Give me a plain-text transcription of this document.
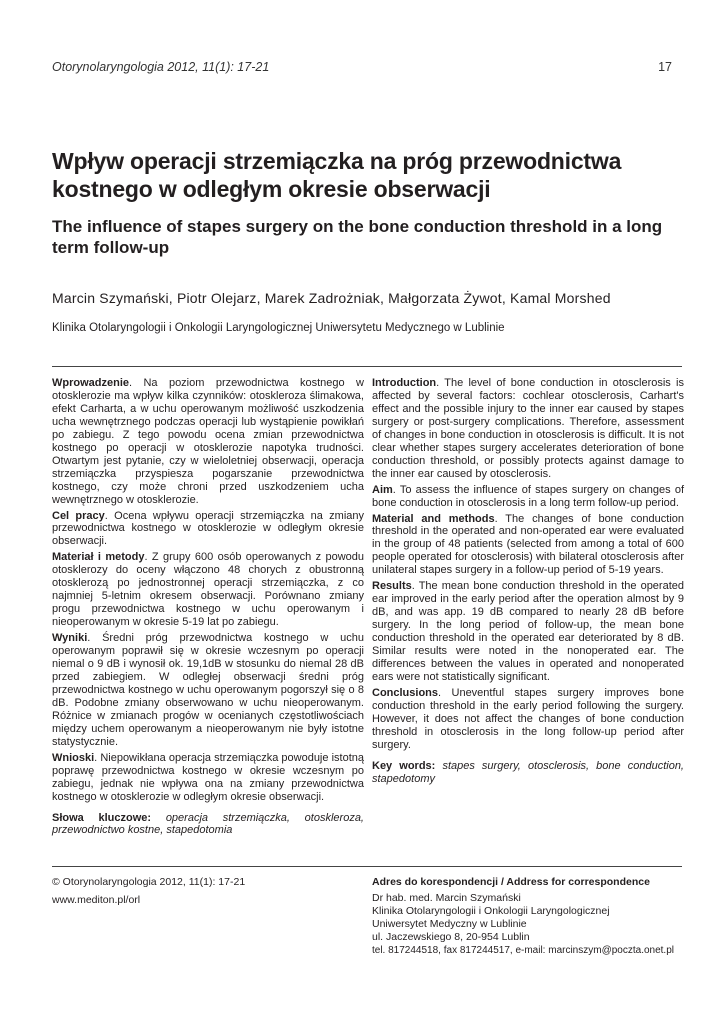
Otorynolaryngologia 2012, 11(1): 17-21	17
Wpływ operacji strzemiączka na próg przewodnictwa kostnego w odległym okresie obserwacji
The influence of stapes surgery on the bone conduction threshold in a long term follow-up
Marcin Szymański, Piotr Olejarz, Marek Zadrożniak, Małgorzata Żywot, Kamal Morshed
Klinika Otolaryngologii i Onkologii Laryngologicznej Uniwersytetu Medycznego w Lublinie

Wprowadzenie. Na poziom przewodnictwa kostnego w otosklerozie ma wpływ kilka czynników: otoskleroza ślimakowa, efekt Carharta, a w uchu operowanym możliwość uszkodzenia ucha wewnętrznego podczas operacji lub wystąpienie powikłań po zabiegu. Z tego powodu ocena zmian przewodnictwa kostnego po operacji w otosklerozie napotyka trudności. Otwartym jest pytanie, czy w wieloletniej obserwacji, operacja strzemiączka przyspiesza pogarszanie przewodnictwa kostnego, czy może chroni przed uszkodzeniem ucha wewnętrznego w otosklerozie.

Cel pracy. Ocena wpływu operacji strzemiączka na zmiany przewodnictwa kostnego w otosklerozie w odległym okresie obserwacji.

Materiał i metody. Z grupy 600 osób operowanych z powodu otosklerozy do oceny włączono 48 chorych z obustronną otosklerozą po jednostronnej operacji strzemiączka, z co najmniej 5-letnim okresem obserwacji. Porównano zmiany progu przewodnictwa kostnego w uchu operowanym i nieoperowanym w okresie 5-19 lat po zabiegu.

Wyniki. Średni próg przewodnictwa kostnego w uchu operowanym poprawił się w okresie wczesnym po operacji niemal o 9 dB i wynosił ok. 19,1dB w stosunku do niemal 28 dB przed zabiegiem. W odległej obserwacji średni próg przewodnictwa kostnego w uchu operowanym pogorszył się o 8 dB. Podobne zmiany obserwowano w uchu nieoperowanym. Różnice w zmianach progów w ocenianych częstotliwościach między uchem operowanym a nieoperowanym nie były istotne statystycznie.

Wnioski. Niepowikłana operacja strzemiączka powoduje istotną poprawę przewodnictwa kostnego w okresie wczesnym po zabiegu, jednak nie wpływa ona na zmiany przewodnictwa kostnego w otosklerozie w odległym okresie obserwacji.

Słowa kluczowe: operacja strzemiączka, otoskleroza, przewodnictwo kostne, stapedotomia

Introduction. The level of bone conduction in otosclerosis is affected by several factors: cochlear otosclerosis, Carhart's effect and the possible injury to the inner ear caused by stapes surgery or post-surgery complications. Therefore, assessment of changes in bone conduction in otosclerosis is difficult. It is not clear whether stapes surgery accelerates deterioration of bone conduction threshold, or possibly protects against damage to the inner ear caused by otosclerosis.

Aim. To assess the influence of stapes surgery on changes of bone conduction in otosclerosis in a long term follow-up period.

Material and methods. The changes of bone conduction threshold in the operated and non-operated ear were evaluated in the group of 48 patients (selected from among a total of 600 people operated for otosclerosis) with bilateral otosclerosis after unilateral stapes surgery in a follow-up period of 5-19 years.

Results. The mean bone conduction threshold in the operated ear improved in the early period after the operation almost by 9 dB, and was app. 19 dB compared to nearly 28 dB before surgery. In the long period of follow-up, the mean bone conduction threshold in the operated ear deteriorated by 8 dB. Similar results were noted in the nonoperated ear. The differences between the values in operated and nonoperated ears were not statistically significant.

Conclusions. Uneventful stapes surgery improves bone conduction threshold in the early period following the surgery. However, it does not affect the changes of bone conduction threshold in otosclerosis in the long follow-up period after surgery.

Key words: stapes surgery, otosclerosis, bone conduction, stapedotomy

© Otorynolaryngologia 2012, 11(1): 17-21
www.mediton.pl/orl
Adres do korespondencji / Address for correspondence
Dr hab. med. Marcin Szymański
Klinika Otolaryngologii i Onkologii Laryngologicznej
Uniwersytet Medyczny w Lublinie
ul. Jaczewskiego 8, 20-954 Lublin
tel. 817244518, fax 817244517, e-mail: marcinszym@poczta.onet.pl
